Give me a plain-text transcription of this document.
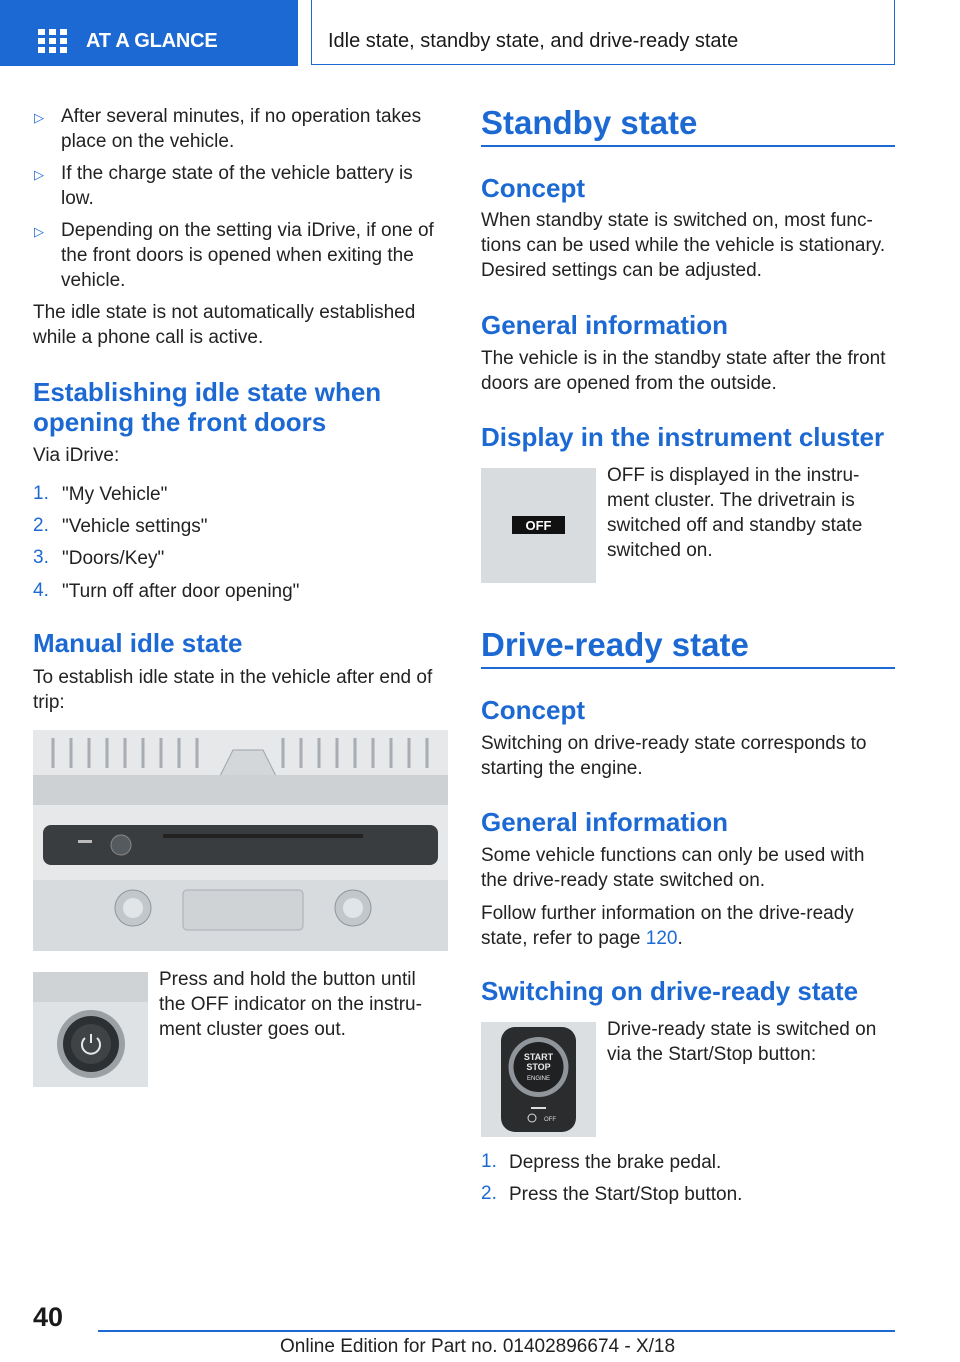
AT A GLANCE	Idle state, standby state, and drive-ready state
▷ After several minutes, if no operation takes place on the vehicle.

▷ If the charge state of the vehicle battery is low.

▷ Depending on the setting via iDrive, if one of the front doors is opened when exiting the vehicle.

The idle state is not automatically established while a phone call is active.

Establishing idle state when opening the front doors

Via iDrive:

1. "My Vehicle"

2. "Vehicle settings"

3. "Doors/Key"

4. "Turn off after door opening"

Manual idle state

To establish idle state in the vehicle after end of trip:

Press and hold the button until the OFF indicator on the instru-ment cluster goes out.

Standby state
Concept

When standby state is switched on, most func-tions can be used while the vehicle is stationary. Desired settings can be adjusted.

General information

The vehicle is in the standby state after the front doors are opened from the outside.

Display in the instrument cluster
OFF

OFF is displayed in the instru-ment cluster. The drivetrain is switched off and standby state switched on.

Drive-ready state
Concept

Switching on drive-ready state corresponds to starting the engine.

General information

Some vehicle functions can only be used with the drive-ready state switched on.

Follow further information on the drive-ready state, refer to page 120.

Switching on drive-ready state
START
STOP
ENGINE
OFF

Drive-ready state is switched on via the Start/Stop button:

1. Depress the brake pedal.

2. Press the Start/Stop button.

40
Online Edition for Part no. 01402896674 - X/18
